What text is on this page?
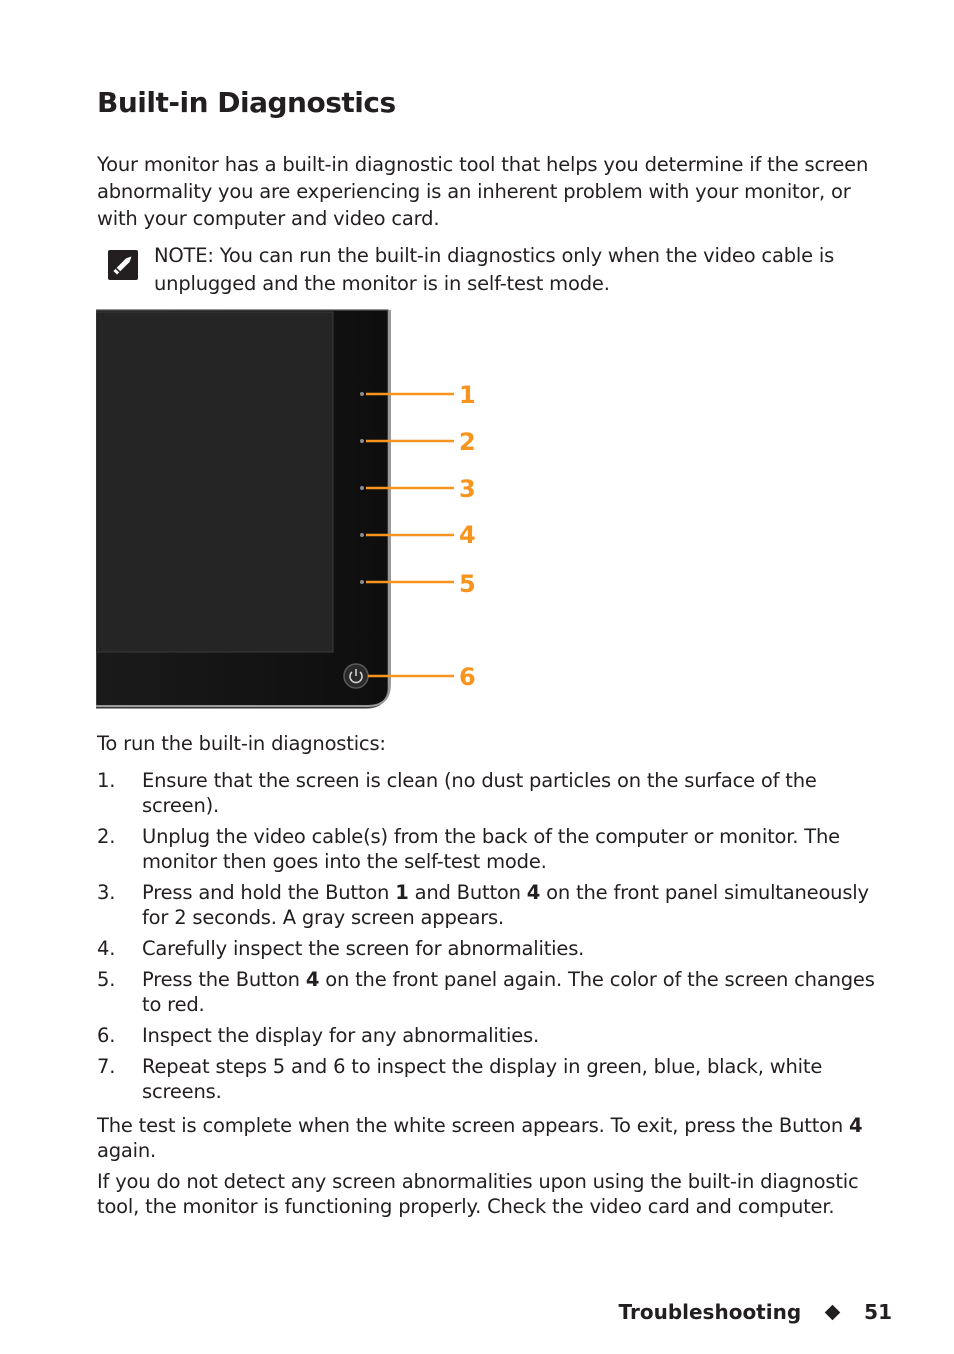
Built-in Diagnostics

Your monitor has a built-in diagnostic tool that helps you determine if the screen abnormality you are experiencing is an inherent problem with your monitor, or with your computer and video card.

NOTE: You can run the built-in diagnostics only when the video cable is unplugged and the monitor is in self-test mode.

1
2
3
4
5
6

To run the built-in diagnostics:

1. Ensure that the screen is clean (no dust particles on the surface of the screen).
2. Unplug the video cable(s) from the back of the computer or monitor. The monitor then goes into the self-test mode.
3. Press and hold the Button 1 and Button 4 on the front panel simultaneously for 2 seconds. A gray screen appears.
4. Carefully inspect the screen for abnormalities.
5. Press the Button 4 on the front panel again. The color of the screen changes to red.
6. Inspect the display for any abnormalities.
7. Repeat steps 5 and 6 to inspect the display in green, blue, black, white screens.

The test is complete when the white screen appears. To exit, press the Button 4 again.

If you do not detect any screen abnormalities upon using the built-in diagnostic tool, the monitor is functioning properly. Check the video card and computer.

Troubleshooting	51
